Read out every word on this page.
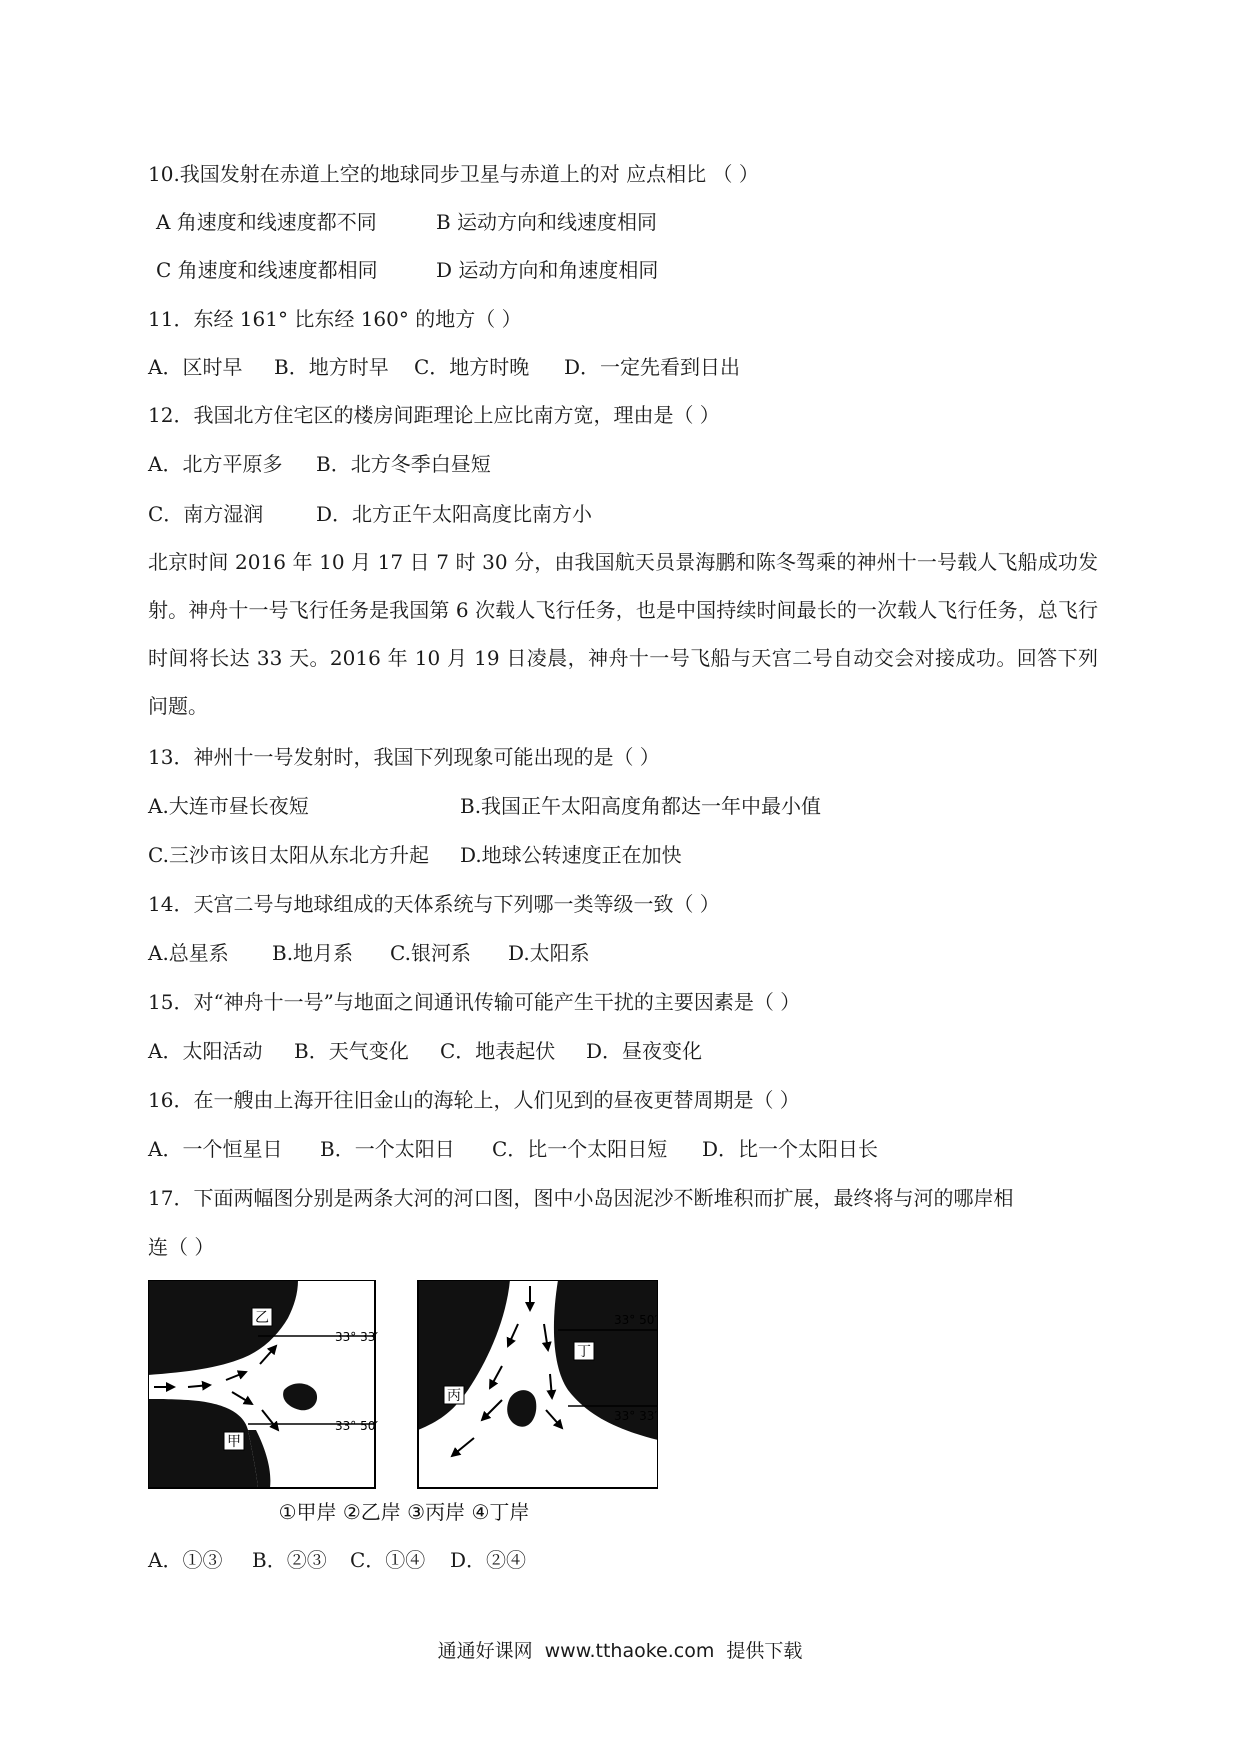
10.我国发射在赤道上空的地球同步卫星与赤道上的对 应点相比 （ ）
A 角速度和线速度都不同	B 运动方向和线速度相同
C 角速度和线速度都相同	D 运动方向和角速度相同
11．东经 161° 比东经 160° 的地方（ ）
A．区时早 B．地方时早 C．地方时晚 D．一定先看到日出
12．我国北方住宅区的楼房间距理论上应比南方宽，理由是（ ）
A．北方平原多 B．北方冬季白昼短
C．南方湿润	D．北方正午太阳高度比南方小
北京时间 2016 年 10 月 17 日 7 时 30 分，由我国航天员景海鹏和陈冬驾乘的神州十一号载人飞船成功发射。神舟十一号飞行任务是我国第 6 次载人飞行任务，也是中国持续时间最长的一次载人飞行任务，总飞行时间将长达 33 天。2016 年 10 月 19 日凌晨，神舟十一号飞船与天宫二号自动交会对接成功。回答下列问题。
13．神州十一号发射时，我国下列现象可能出现的是（ ）
A.大连市昼长夜短	B.我国正午太阳高度角都达一年中最小值
C.三沙市该日太阳从东北方升起 D.地球公转速度正在加快
14．天宫二号与地球组成的天体系统与下列哪一类等级一致（ ）
A.总星系 B.地月系 C.银河系 D.太阳系
15．对“神舟十一号”与地面之间通讯传输可能产生干扰的主要因素是（ ）
A．太阳活动 B．天气变化 C．地表起伏 D．昼夜变化
16．在一艘由上海开往旧金山的海轮上，人们见到的昼夜更替周期是（ ）
A．一个恒星日 B．一个太阳日 C．比一个太阳日短 D．比一个太阳日长
17．下面两幅图分别是两条大河的河口图，图中小岛因泥沙不断堆积而扩展，最终将与河的哪岸相
连（ ）
乙
甲
33° 33′
33° 50′
丙
丁
33° 50′
33° 33′
①甲岸 ②乙岸 ③丙岸 ④丁岸
A．①③ B．②③ C．①④ D．②④
通通好课网 www.tthaoke.com 提供下载
